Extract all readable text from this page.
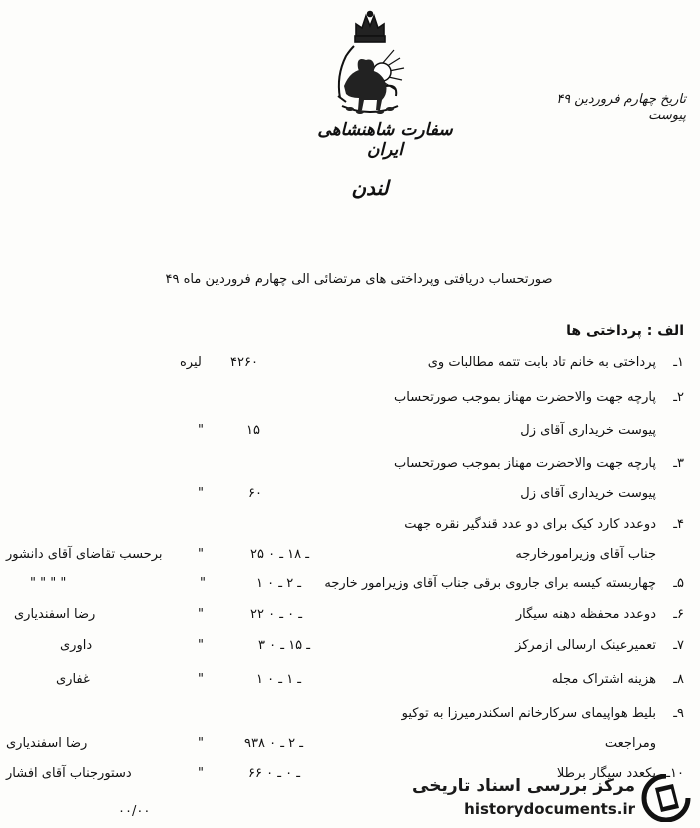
تاریخ چهارم فروردین ۴۹
پیوست
سفارت شاهنشاهی ایران
لندن
صورتحساب دریافتی وپرداختی های مرتضائی الی چهارم فروردین ماه ۴۹
الف : پرداختی ها
۱ـ
پرداختی به خانم تاد بابت تتمه مطالبات وی
۴۲۶۰
لیره
۲ـ
پارچه جهت والاحضرت مهناز بموجب صورتحساب
پیوست خریداری آقای زل
۱۵
"
۳ـ
پارچه جهت والاحضرت مهناز بموجب صورتحساب
پیوست خریداری آقای زل
۶۰
"
۴ـ
دوعدد کارد کیک برای دو عدد قندگیر نقره جهت
جناب آقای وزیرامورخارجه
۲۵ ـ ۱۸ ـ ۰
"
برحسب تقاضای آقای دانشور
۵ـ
چهاربسته کیسه برای جاروی برقی جناب آقای وزیرامور خارجه
۱ ـ ۲ ـ ۰
"
" " " "
۶ـ
دوعدد محفظه دهنه سیگار
۲۲ ـ ۰ ـ ۰
"
رضا اسفندیاری
۷ـ
تعمیرعینک ارسالی ازمرکز
۳ ـ ۱۵ ـ ۰
"
داوری
۸ـ
هزینه اشتراک مجله
۱ ـ ۱ ـ ۰
"
غفاری
۹ـ
بلیط هواپیمای سرکارخانم اسکندرمیرزا به توکیو
ومراجعت
۹۳۸ ـ ۲ ـ ۰
"
رضا اسفندیاری
۱۰ـ
یکعدد سیگار برطلا
۶۶ ـ ۰ ـ ۰
"
دستورجناب آقای افشار
۰۰/۰۰
مرکز بررسی اسناد تاریخی
historydocuments.ir
